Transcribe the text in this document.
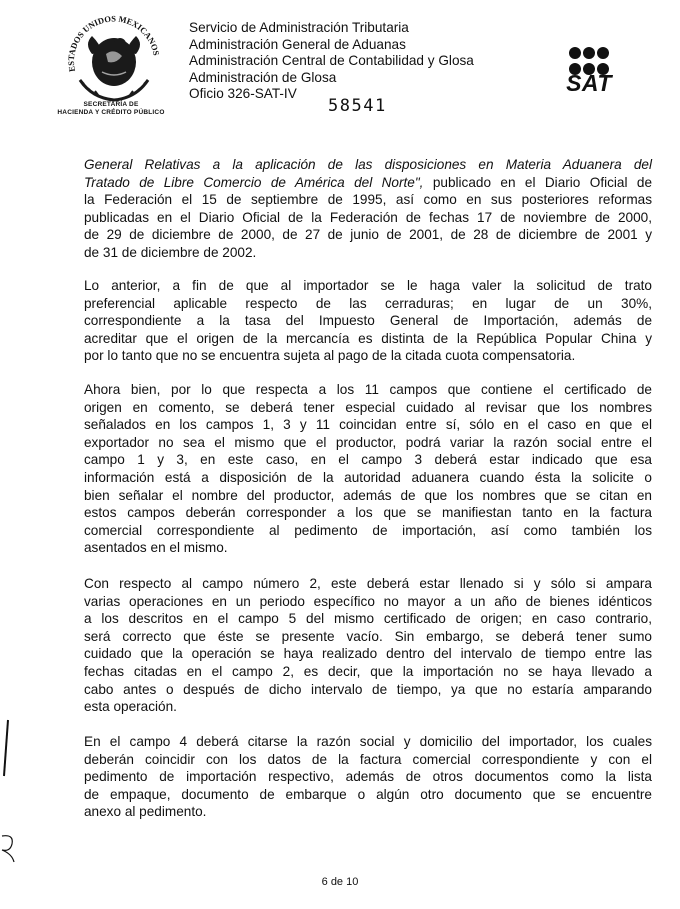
ESTADOS UNIDOS MEXICANOS
SECRETARÍA DE
HACIENDA Y CRÉDITO PÚBLICO
Servicio de Administración Tributaria
Administración General de Aduanas
Administración Central de Contabilidad y Glosa
Administración de Glosa
Oficio 326-SAT-IV
58541
SAT
General Relativas a la aplicación de las disposiciones en Materia Aduanera del
Tratado de Libre Comercio de América del Norte", publicado en el Diario Oficial de
la Federación el 15 de septiembre de 1995, así como en sus posteriores reformas
publicadas en el Diario Oficial de la Federación de fechas 17 de noviembre de 2000,
de 29 de diciembre de 2000, de 27 de junio de 2001, de 28 de diciembre de 2001 y
de 31 de diciembre de 2002.
Lo anterior, a fin de que al importador se le haga valer la solicitud de trato
preferencial aplicable respecto de las cerraduras; en lugar de un 30%,
correspondiente a la tasa del Impuesto General de Importación, además de
acreditar que el origen de la mercancía es distinta de la República Popular China y
por lo tanto que no se encuentra sujeta al pago de la citada cuota compensatoria.
Ahora bien, por lo que respecta a los 11 campos que contiene el certificado de
origen en comento, se deberá tener especial cuidado al revisar que los nombres
señalados en los campos 1, 3 y 11 coincidan entre sí, sólo en el caso en que el
exportador no sea el mismo que el productor, podrá variar la razón social entre el
campo 1 y 3, en este caso, en el campo 3 deberá estar indicado que esa
información está a disposición de la autoridad aduanera cuando ésta la solicite o
bien señalar el nombre del productor, además de que los nombres que se citan en
estos campos deberán corresponder a los que se manifiestan tanto en la factura
comercial correspondiente al pedimento de importación, así como también los
asentados en el mismo.
Con respecto al campo número 2, este deberá estar llenado si y sólo si ampara
varias operaciones en un periodo específico no mayor a un año de bienes idénticos
a los descritos en el campo 5 del mismo certificado de origen; en caso contrario,
será correcto que éste se presente vacío. Sin embargo, se deberá tener sumo
cuidado que la operación se haya realizado dentro del intervalo de tiempo entre las
fechas citadas en el campo 2, es decir, que la importación no se haya llevado a
cabo antes o después de dicho intervalo de tiempo, ya que no estaría amparando
esta operación.
En el campo 4 deberá citarse la razón social y domicilio del importador, los cuales
deberán coincidir con los datos de la factura comercial correspondiente y con el
pedimento de importación respectivo, además de otros documentos como la lista
de empaque, documento de embarque o algún otro documento que se encuentre
anexo al pedimento.
6 de 10
